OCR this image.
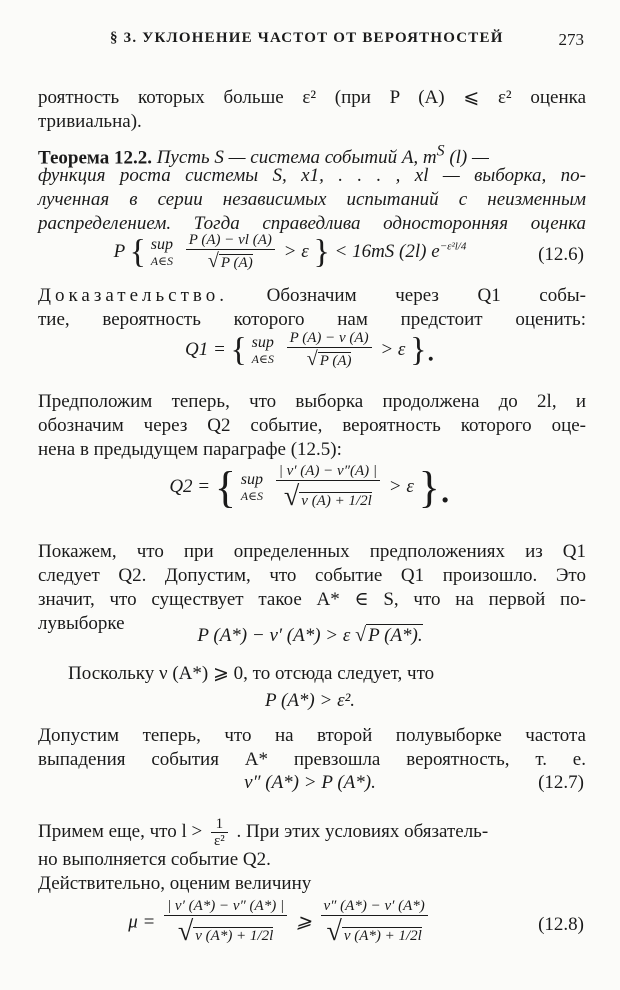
§ 3. УКЛОНЕНИЕ ЧАСТОТ ОТ ВЕРОЯТНОСТЕЙ	273
роятность которых больше ε² (при P (A) ⩽ ε² оценка
тривиальна).
Теорема 12.2. Пусть S — система событий A, $m^S$ (l) —
функция роста системы S, x1, . . . , xl — выборка, по-
лученная в серии независимых испытаний с неизменным
распределением. Тогда справедлива односторонняя оценка
P { sup
A∈S
$\frac{P (A) - \nu l (A)}{√ P (A)} > \varepsilon$ } < 16mS (2l) $e^{-\varepsilon^2l/4}$	(12.6)
Доказательство. Обозначим через Q1 собы-
тие, вероятность которого нам предстоит оценить:
Q1 = { sup
A∈S
$\frac{P (A) - \nu (A)}{√ P (A)} > \varepsilon$ }.
Предположим теперь, что выборка продолжена до 2l, и
обозначим через Q2 событие, вероятность которого оце-
нена в предыдущем параграфе (12.5):
Q2 = { sup
A∈S
$\frac{| \nu' (A) - \nu''(A) |}{√ \nu (A) + 1/2l} > \varepsilon$ }.
Покажем, что при определенных предположениях из Q1
следует Q2. Допустим, что событие Q1 произошло. Это
значит, что существует такое A* ∈ S, что на первой по-
лувыборке
P (A*) − ν′ (A*) > ε √ P (A*).
Поскольку ν (A*) ⩾ 0, то отсюда следует, что
P (A*) > ε².
Допустим теперь, что на второй полувыборке частота
выпадения события A* превзошла вероятность, т. е.
ν″ (A*) > P (A*).	(12.7)
Примем еще, что $l > \frac{1}{\text{ε²}}$ . При этих условиях обязатель-
но выполняется событие Q2.
Действительно, оценим величину
$\mu = \frac{| \nu' (A*) - \nu'' (A*) |}{√ \nu (A*) + 1/2l}$ ⩾ $\frac{\nu'' (A*) - \nu' (A*)}{√ \nu (A*) + 1/2l}$	(12.8)
